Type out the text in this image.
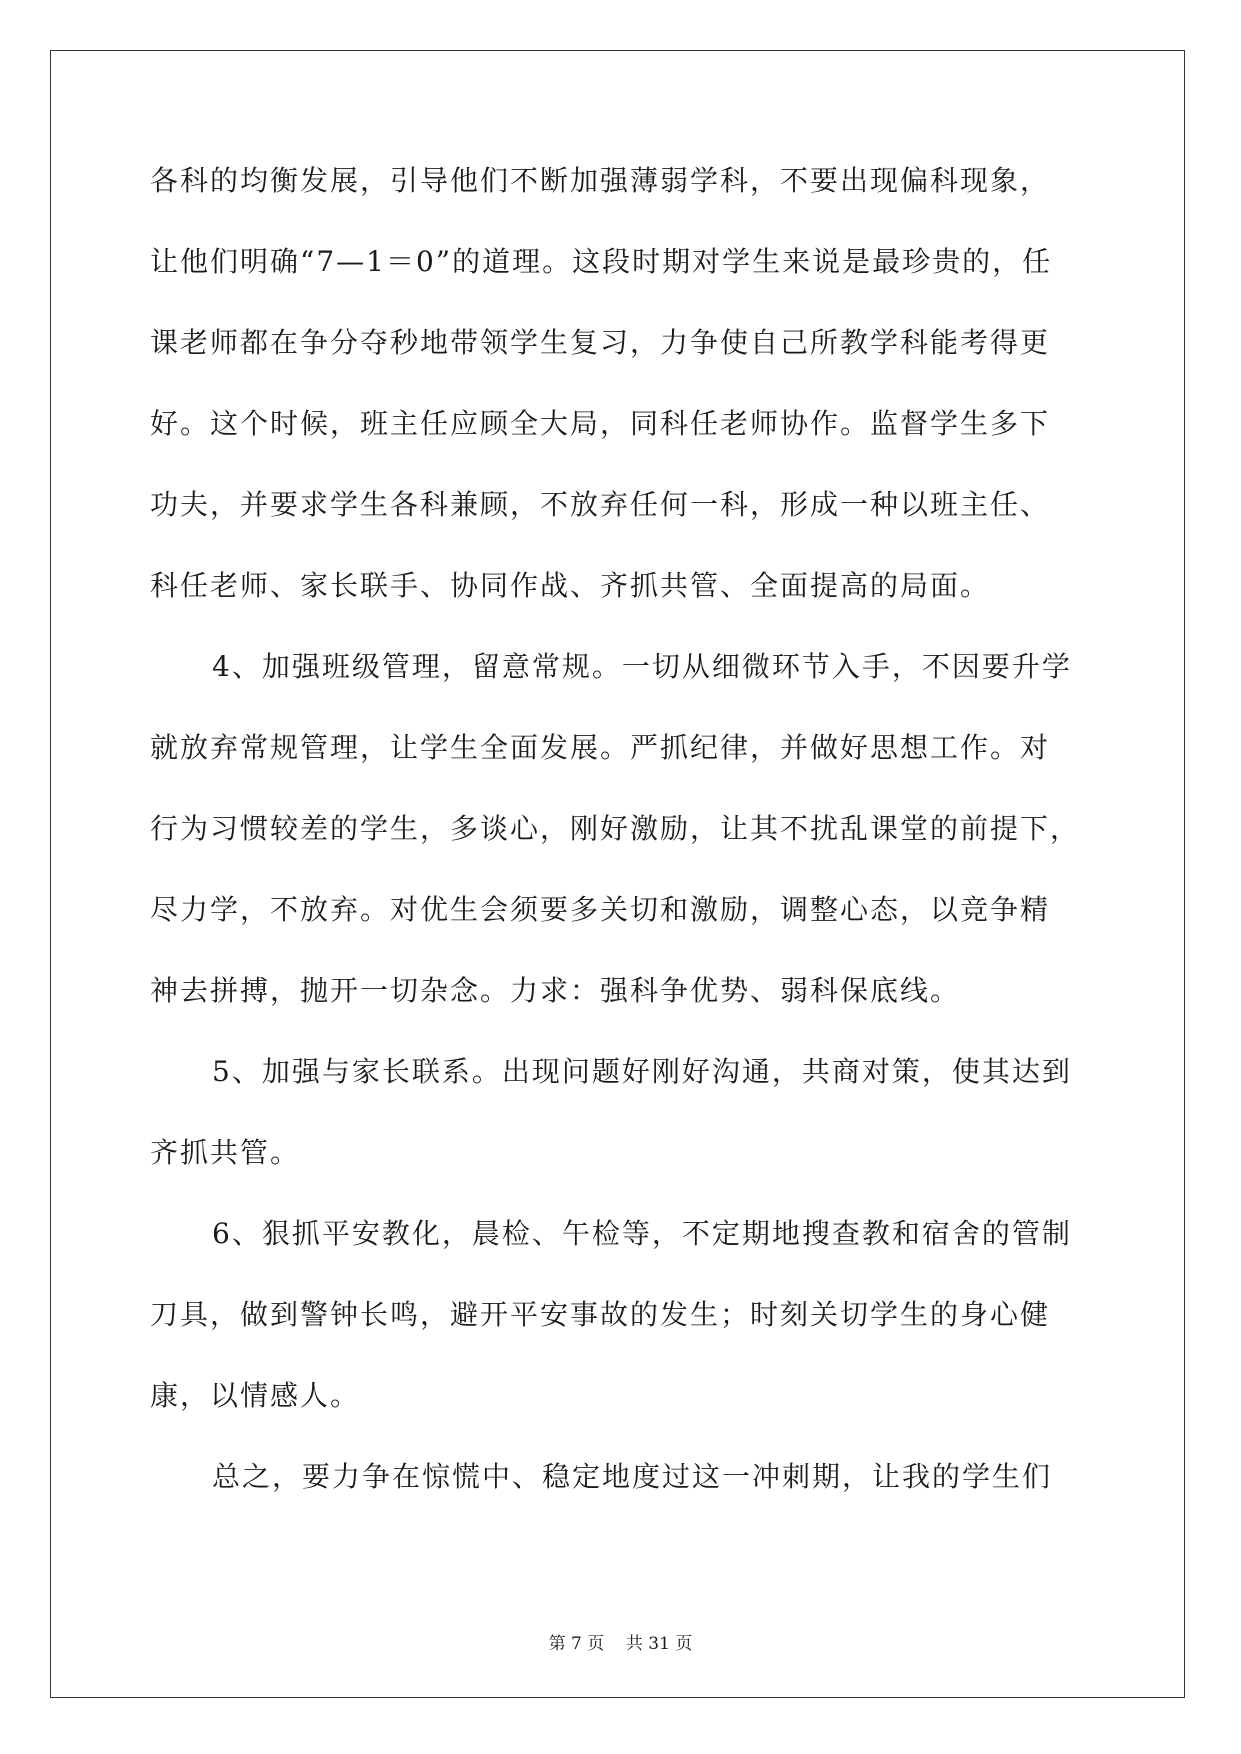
各科的均衡发展，引导他们不断加强薄弱学科，不要出现偏科现象，
让他们明确“7—1＝0”的道理。这段时期对学生来说是最珍贵的，任
课老师都在争分夺秒地带领学生复习，力争使自己所教学科能考得更
好。这个时候，班主任应顾全大局，同科任老师协作。监督学生多下
功夫，并要求学生各科兼顾，不放弃任何一科，形成一种以班主任、
科任老师、家长联手、协同作战、齐抓共管、全面提高的局面。
4、加强班级管理，留意常规。一切从细微环节入手，不因要升学
就放弃常规管理，让学生全面发展。严抓纪律，并做好思想工作。对
行为习惯较差的学生，多谈心，刚好激励，让其不扰乱课堂的前提下，
尽力学，不放弃。对优生会须要多关切和激励，调整心态，以竞争精
神去拼搏，抛开一切杂念。力求：强科争优势、弱科保底线。
5、加强与家长联系。出现问题好刚好沟通，共商对策，使其达到
齐抓共管。
6、狠抓平安教化，晨检、午检等，不定期地搜查教和宿舍的管制
刀具，做到警钟长鸣，避开平安事故的发生；时刻关切学生的身心健
康，以情感人。
总之，要力争在惊慌中、稳定地度过这一冲刺期，让我的学生们
第 7 页    共 31 页
